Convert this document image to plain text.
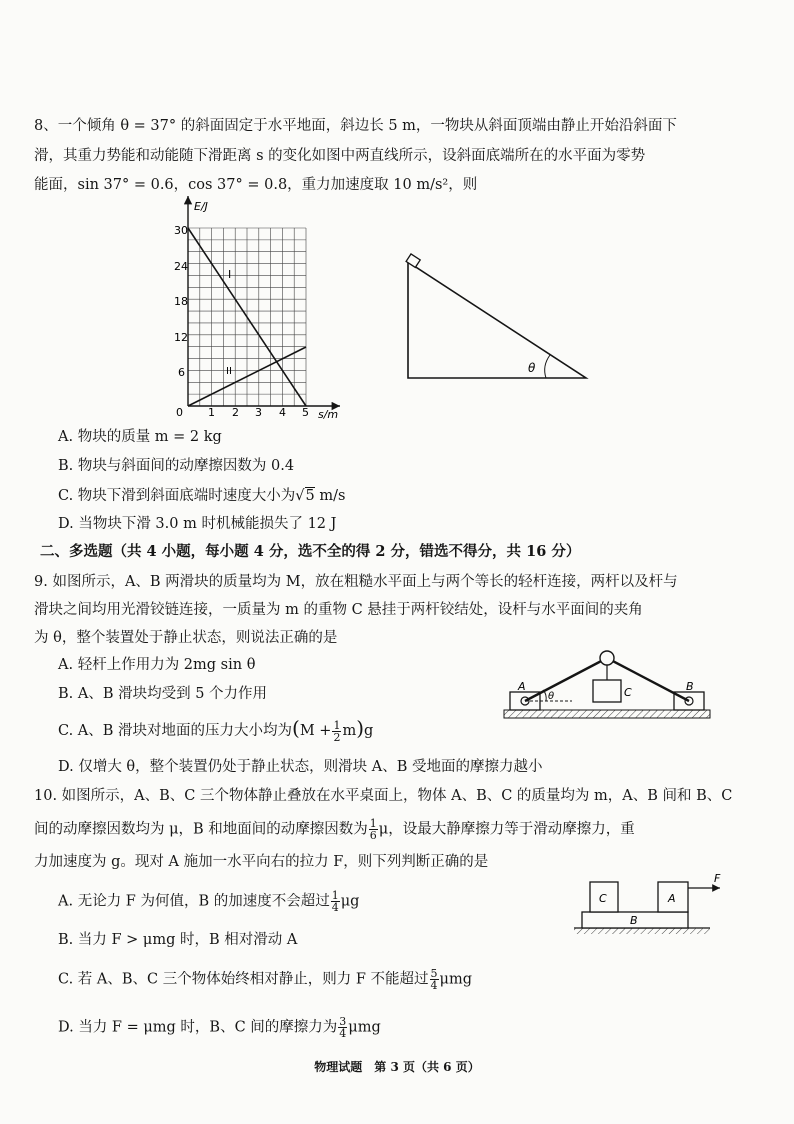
8、一个倾角 θ = 37° 的斜面固定于水平地面，斜边长 5 m，一物块从斜面顶端由静止开始沿斜面下
滑，其重力势能和动能随下滑距离 s 的变化如图中两直线所示，设斜面底端所在的水平面为零势
能面，sin 37° = 0.6，cos 37° = 0.8，重力加速度取 10 m/s²，则
I
II
E/J
s/m
30
24
18
12
6
0 1 2 3 4 5
θ
A. 物块的质量 m = 2 kg
B. 物块与斜面间的动摩擦因数为 0.4
C. 物块下滑到斜面底端时速度大小为√5 m/s
D. 当物块下滑 3.0 m 时机械能损失了 12 J
二、多选题（共 4 小题，每小题 4 分，选不全的得 2 分，错选不得分，共 16 分）
9. 如图所示，A、B 两滑块的质量均为 M，放在粗糙水平面上与两个等长的轻杆连接，两杆以及杆与
滑块之间均用光滑铰链连接，一质量为 m 的重物 C 悬挂于两杆铰结处，设杆与水平面间的夹角
为 θ，整个装置处于静止状态，则说法正确的是
θ
A	B
C
A. 轻杆上作用力为 2mg sin θ
B. A、B 滑块均受到 5 个力作用
C. A、B 滑块对地面的压力大小均为$(M + \frac{1}{2} m)g$
D. 仅增大 θ，整个装置仍处于静止状态，则滑块 A、B 受地面的摩擦力越小
10. 如图所示，A、B、C 三个物体静止叠放在水平桌面上，物体 A、B、C 的质量均为 m，A、B 间和 B、C
间的动摩擦因数均为 μ，B 和地面间的动摩擦因数为 $\frac{1}{6}$ μ，设最大静摩擦力等于滑动摩擦力，重
力加速度为 g。现对 A 施加一水平向右的拉力 F，则下列判断正确的是
C	A
B
F
A. 无论力 F 为何值，B 的加速度不会超过 $\frac{1}{4}$ μg
B. 当力 F > μmg 时，B 相对滑动 A
C. 若 A、B、C 三个物体始终相对静止，则力 F 不能超过 $\frac{5}{4}$ μmg
D. 当力 F = μmg 时，B、C 间的摩擦力为 $\frac{3}{4}$ μmg
物理试题　第 3 页（共 6 页）
